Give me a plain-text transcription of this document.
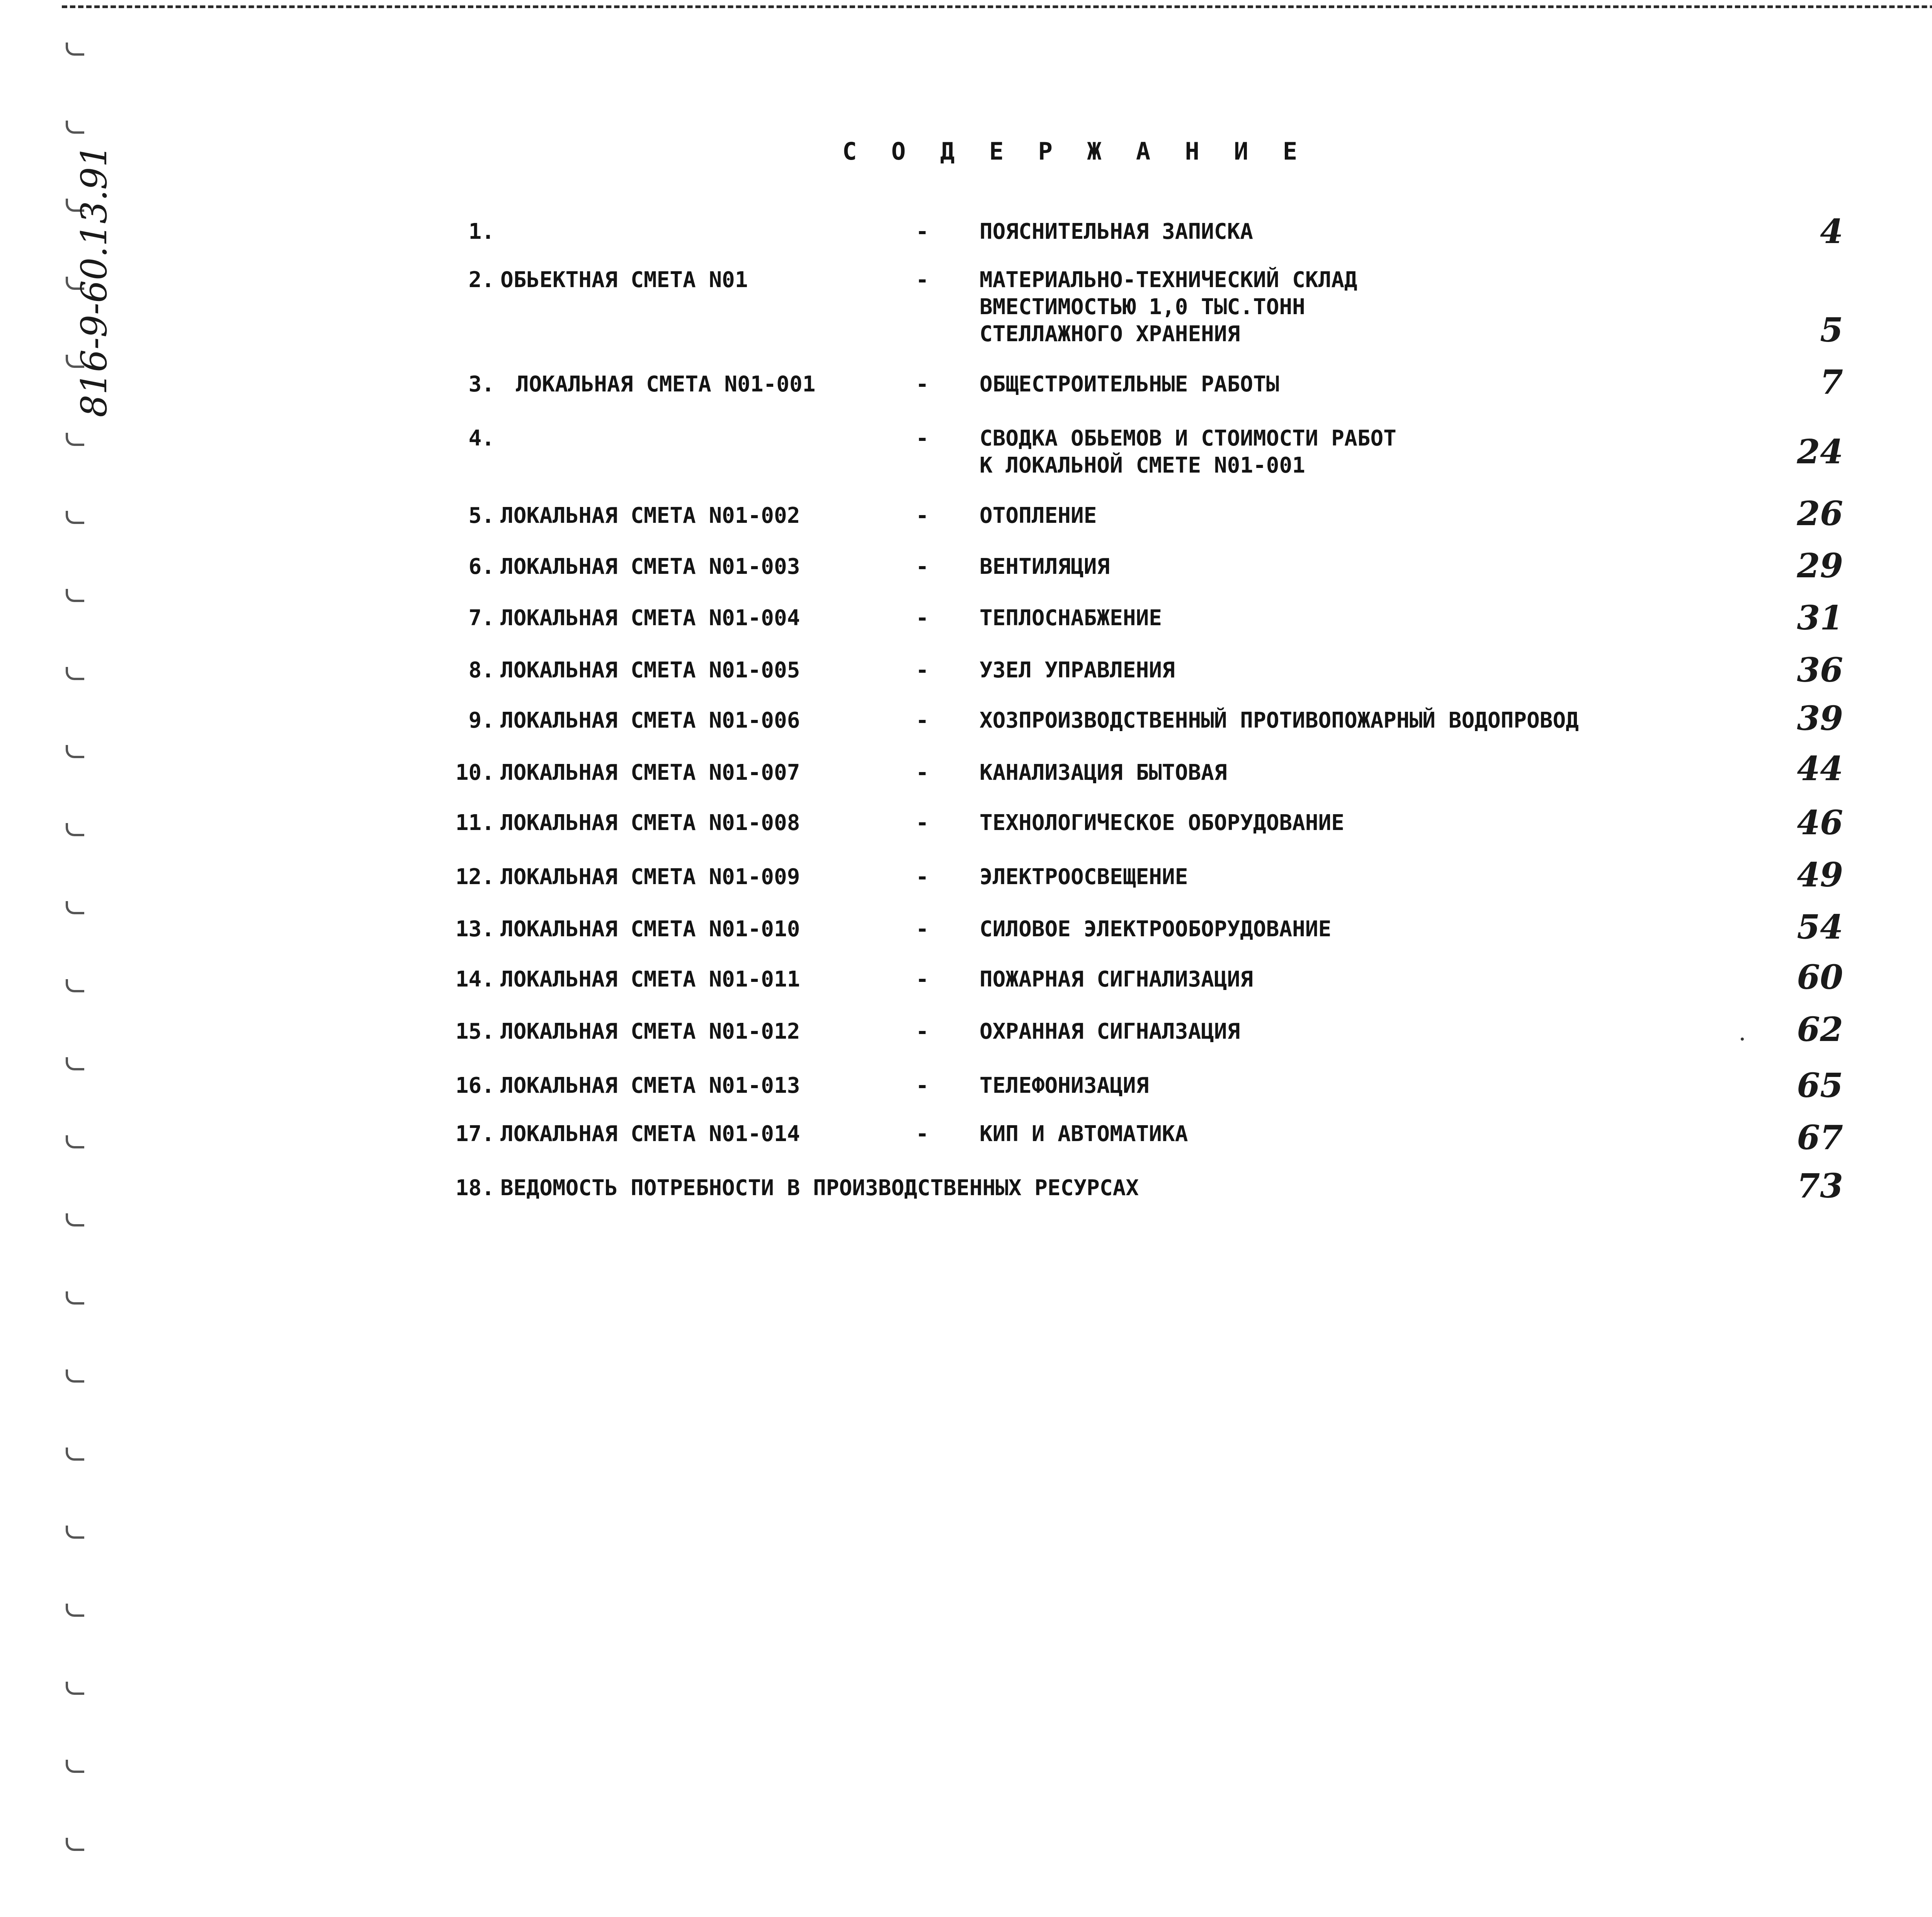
С О Д Е Р Ж А Н И Е
816-9-60.13.91	1.	- ПОЯСНИТЕЛЬНАЯ ЗАПИСКА	4
2. ОБЬЕКТНАЯ СМЕТА N01	- МАТЕРИАЛЬНО-ТЕХНИЧЕСКИЙ СКЛАД
ВМЕСТИМОСТЬЮ 1,0 ТЫС.ТОНН
СТЕЛЛАЖНОГО ХРАНЕНИЯ	5
3. ЛОКАЛЬНАЯ СМЕТА N01-001	- ОБЩЕСТРОИТЕЛЬНЫЕ РАБОТЫ	7
4.	- СВОДКА ОБЬЕМОВ И СТОИМОСТИ РАБОТ
К ЛОКАЛЬНОЙ СМЕТЕ N01-001	24
5. ЛОКАЛЬНАЯ СМЕТА N01-002	- ОТОПЛЕНИЕ	26
6. ЛОКАЛЬНАЯ СМЕТА N01-003	- ВЕНТИЛЯЦИЯ	29
7. ЛОКАЛЬНАЯ СМЕТА N01-004	- ТЕПЛОСНАБЖЕНИЕ	31
8. ЛОКАЛЬНАЯ СМЕТА N01-005	- УЗЕЛ УПРАВЛЕНИЯ	36
9. ЛОКАЛЬНАЯ СМЕТА N01-006	- ХОЗПРОИЗВОДСТВЕННЫЙ ПРОТИВОПОЖАРНЫЙ ВОДОПРОВОД	39
10. ЛОКАЛЬНАЯ СМЕТА N01-007	- КАНАЛИЗАЦИЯ БЫТОВАЯ	44
11. ЛОКАЛЬНАЯ СМЕТА N01-008	- ТЕХНОЛОГИЧЕСКОЕ ОБОРУДОВАНИЕ	46
12. ЛОКАЛЬНАЯ СМЕТА N01-009	- ЭЛЕКТРООСВЕЩЕНИЕ	49
13. ЛОКАЛЬНАЯ СМЕТА N01-010	- СИЛОВОЕ ЭЛЕКТРООБОРУДОВАНИЕ	54
14. ЛОКАЛЬНАЯ СМЕТА N01-011	- ПОЖАРНАЯ СИГНАЛИЗАЦИЯ	60
15. ЛОКАЛЬНАЯ СМЕТА N01-012	- ОХРАННАЯ СИГНАЛЗАЦИЯ	62
16. ЛОКАЛЬНАЯ СМЕТА N01-013	- ТЕЛЕФОНИЗАЦИЯ	65
17. ЛОКАЛЬНАЯ СМЕТА N01-014	- КИП И АВТОМАТИКА	67
18. ВЕДОМОСТЬ ПОТРЕБНОСТИ В ПРОИЗВОДСТВЕННЫХ РЕСУРСАХ	73
